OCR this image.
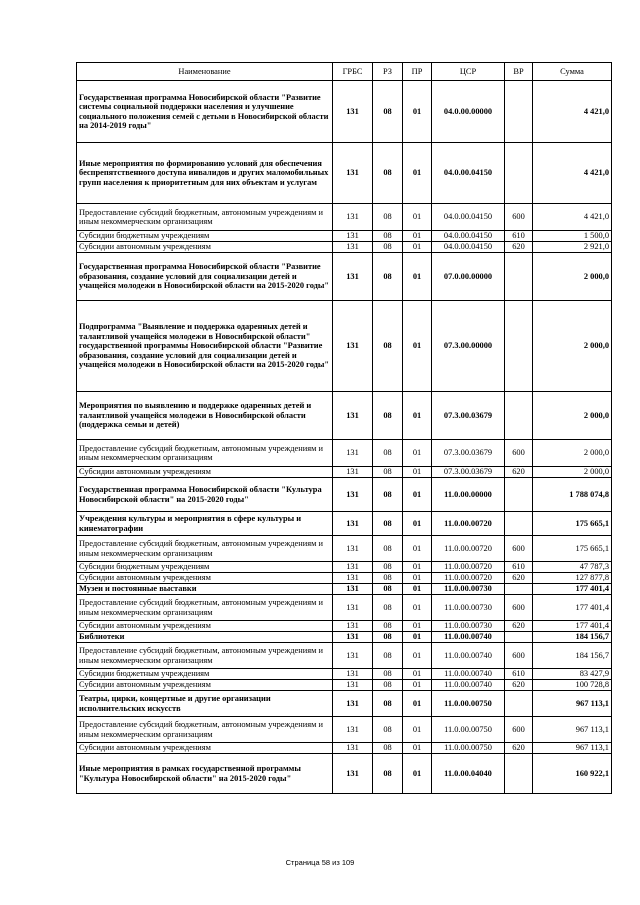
Наименование	ГРБС	РЗ	ПР	ЦСР	ВР	Сумма
Государственная программа Новосибирской области "Развитие системы социальной поддержки населения и улучшение социального положения семей с детьми в Новосибирской области на 2014-2019 годы"	131	08	01	04.0.00.00000		4 421,0
Иные мероприятия по формированию условий для обеспечения беспрепятственного доступа инвалидов и других маломобильных групп населения к приоритетным для них объектам и услугам	131	08	01	04.0.00.04150		4 421,0
Предоставление субсидий бюджетным, автономным учреждениям и иным некоммерческим организациям	131	08	01	04.0.00.04150	600	4 421,0
Субсидии бюджетным учреждениям	131	08	01	04.0.00.04150	610	1 500,0
Субсидии автономным учреждениям	131	08	01	04.0.00.04150	620	2 921,0
Государственная программа Новосибирской области "Развитие образования, создание условий для социализации детей и учащейся молодежи в Новосибирской области на 2015-2020 годы"	131	08	01	07.0.00.00000		2 000,0
Подпрограмма "Выявление и поддержка одаренных детей и талантливой учащейся молодежи в Новосибирской области" государственной программы Новосибирской области "Развитие образования, создание условий для социализации детей и учащейся молодежи в Новосибирской области на 2015-2020 годы"	131	08	01	07.3.00.00000		2 000,0
Мероприятия по выявлению и поддержке одаренных детей и талантливой учащейся молодежи в Новосибирской области (поддержка семьи и детей)	131	08	01	07.3.00.03679		2 000,0
Предоставление субсидий бюджетным, автономным учреждениям и иным некоммерческим организациям	131	08	01	07.3.00.03679	600	2 000,0
Субсидии автономным учреждениям	131	08	01	07.3.00.03679	620	2 000,0
Государственная программа Новосибирской области "Культура Новосибирской области" на 2015-2020 годы"	131	08	01	11.0.00.00000		1 788 074,8
Учреждения культуры и мероприятия в сфере культуры и кинематографии	131	08	01	11.0.00.00720		175 665,1
Предоставление субсидий бюджетным, автономным учреждениям и иным некоммерческим организациям	131	08	01	11.0.00.00720	600	175 665,1
Субсидии бюджетным учреждениям	131	08	01	11.0.00.00720	610	47 787,3
Субсидии автономным учреждениям	131	08	01	11.0.00.00720	620	127 877,8
Музеи и постоянные выставки	131	08	01	11.0.00.00730		177 401,4
Предоставление субсидий бюджетным, автономным учреждениям и иным некоммерческим организациям	131	08	01	11.0.00.00730	600	177 401,4
Субсидии автономным учреждениям	131	08	01	11.0.00.00730	620	177 401,4
Библиотеки	131	08	01	11.0.00.00740		184 156,7
Предоставление субсидий бюджетным, автономным учреждениям и иным некоммерческим организациям	131	08	01	11.0.00.00740	600	184 156,7
Субсидии бюджетным учреждениям	131	08	01	11.0.00.00740	610	83 427,9
Субсидии автономным учреждениям	131	08	01	11.0.00.00740	620	100 728,8
Театры, цирки, концертные и другие организации исполнительских искусств	131	08	01	11.0.00.00750		967 113,1
Предоставление субсидий бюджетным, автономным учреждениям и иным некоммерческим организациям	131	08	01	11.0.00.00750	600	967 113,1
Субсидии автономным учреждениям	131	08	01	11.0.00.00750	620	967 113,1
Иные мероприятия в рамках государственной программы "Культура Новосибирской области" на 2015-2020 годы"	131	08	01	11.0.00.04040		160 922,1
Страница 58 из 109
